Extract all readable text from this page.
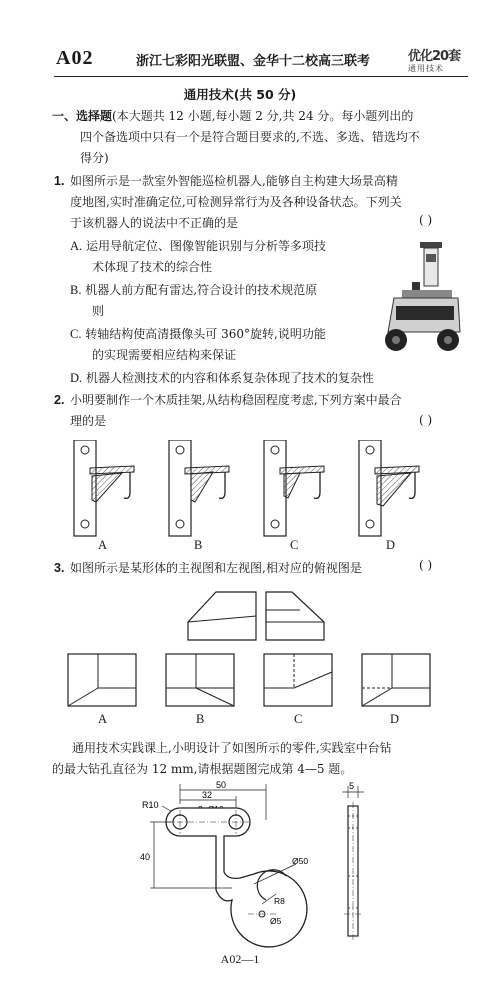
A02	浙江七彩阳光联盟、金华十二校高三联考	优化20套
通用技术
通用技术(共 50 分)
一、选择题(本大题共 12 小题,每小题 2 分,共 24 分。每小题列出的
四个备选项中只有一个是符合题目要求的,不选、多选、错选均不
得分)
1. 如图所示是一款室外智能巡检机器人,能够自主构建大场景高精
度地图,实时准确定位,可检测异常行为及各种设备状态。下列关
于该机器人的说法中不正确的是	( )
A. 运用导航定位、图像智能识别与分析等多项技
术体现了技术的综合性
B. 机器人前方配有雷达,符合设计的技术规范原
则
C. 转轴结构使高清摄像头可 360°旋转,说明功能
的实现需要相应结构来保证
D. 机器人检测技术的内容和体系复杂体现了技术的复杂性
2. 小明要制作一个木质挂架,从结构稳固程度考虑,下列方案中最合
理的是	( )
A	B	C	D
3. 如图所示是某形体的主视图和左视图,相对应的俯视图是	( )
A	B	C	D
通用技术实践课上,小明设计了如图所示的零件,实践室中台钻
的最大钻孔直径为 12 mm,请根据题图完成第 4—5 题。
50
32
R10
40	Ø50
R8
Ø5
5
A02—1
